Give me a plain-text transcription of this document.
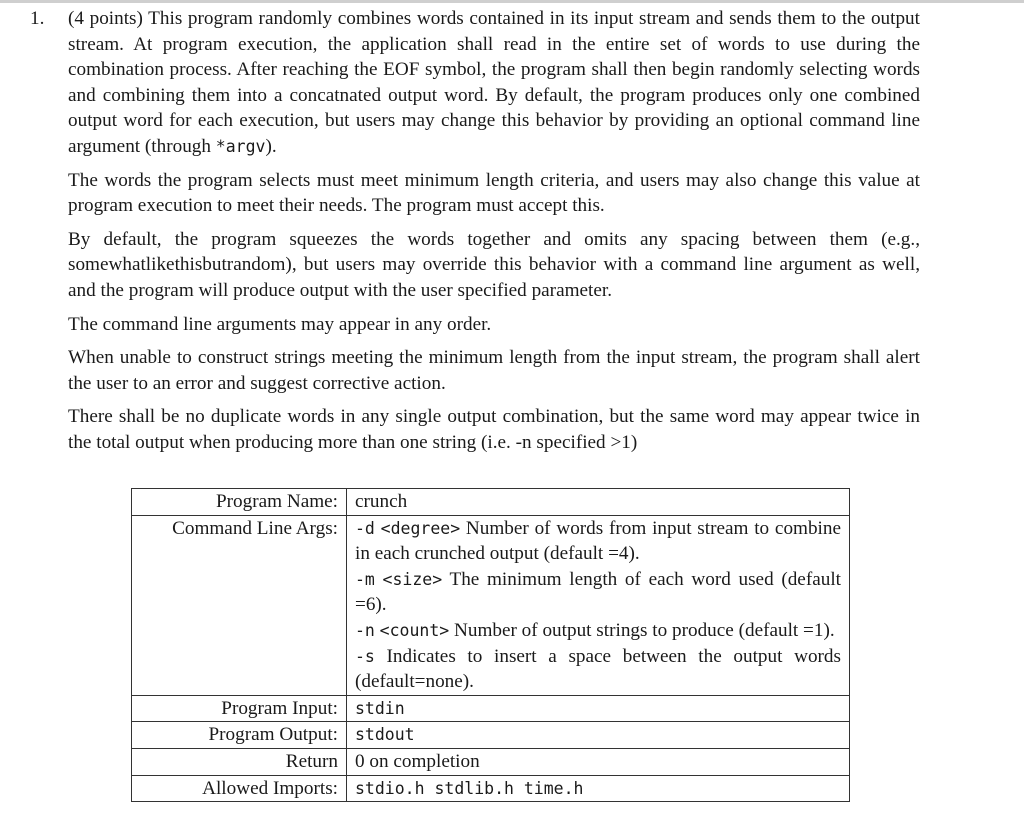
1. (4 points) This program randomly combines words contained in its input stream and sends them to the output stream. At program execution, the application shall read in the entire set of words to use during the combination process. After reaching the EOF symbol, the program shall then begin randomly selecting words and combining them into a concatnated output word. By default, the program produces only one combined output word for each execution, but users may change this behavior by providing an optional command line argument (through *argv).

The words the program selects must meet minimum length criteria, and users may also change this value at program execution to meet their needs. The program must accept this.

By default, the program squeezes the words together and omits any spacing between them (e.g., somewhatlikethisbutrandom), but users may override this behavior with a command line argument as well, and the program will produce output with the user specified parameter.

The command line arguments may appear in any order.

When unable to construct strings meeting the minimum length from the input stream, the program shall alert the user to an error and suggest corrective action.

There shall be no duplicate words in any single output combination, but the same word may appear twice in the total output when producing more than one string (i.e. -n specified >1)

Program Name:	crunch
Command Line Args:	-d <degree> Number of words from input stream to combine in each crunched output (default =4).
-m <size> The minimum length of each word used (default =6).
-n <count> Number of output strings to produce (default =1).
-s Indicates to insert a space between the output words (default=none).

Program Input:	stdin
Program Output:	stdout
Return	0 on completion
Allowed Imports:	stdio.h stdlib.h time.h
